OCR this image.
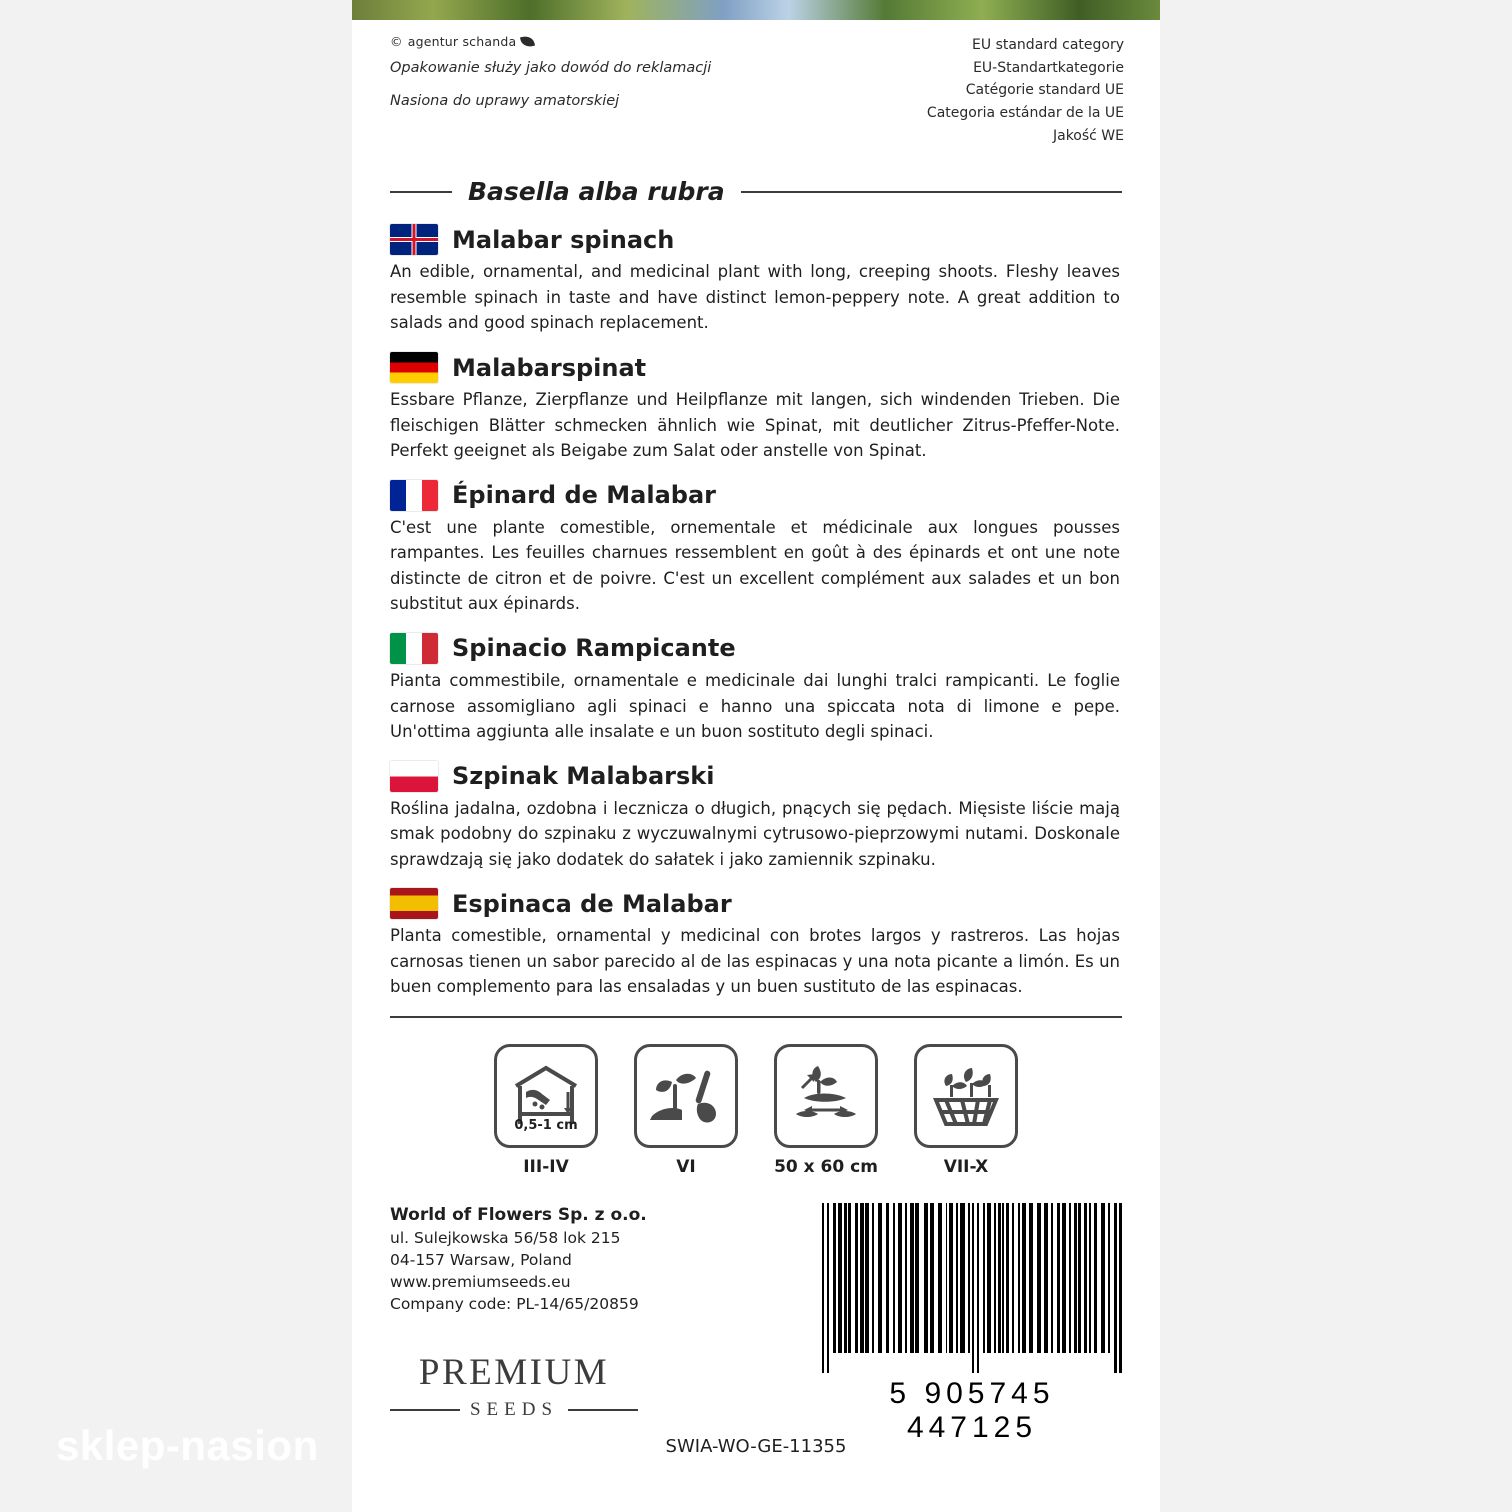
© agentur schanda

Opakowanie służy jako dowód do reklamacji

Nasiona do uprawy amatorskiej

EU standard category
EU-Standartkategorie
Catégorie standard UE
Categoria estándar de la UE
Jakość WE
Basella alba rubra
Malabar spinach
An edible, ornamental, and medicinal plant with long, creeping shoots. Fleshy leaves resemble spinach in taste and have distinct lemon-peppery note. A great addition to salads and good spinach replacement.
Malabarspinat
Essbare Pflanze, Zierpflanze und Heilpflanze mit langen, sich windenden Trieben. Die fleischigen Blätter schmecken ähnlich wie Spinat, mit deutlicher Zitrus-Pfeffer-Note. Perfekt geeignet als Beigabe zum Salat oder anstelle von Spinat.
Épinard de Malabar
C'est une plante comestible, ornementale et médicinale aux longues pousses rampantes. Les feuilles charnues ressemblent en goût à des épinards et ont une note distincte de citron et de poivre. C'est un excellent complément aux salades et un bon substitut aux épinards.
Spinacio Rampicante
Pianta commestibile, ornamentale e medicinale dai lunghi tralci rampicanti. Le foglie carnose assomigliano agli spinaci e hanno una spiccata nota di limone e pepe. Un'ottima aggiunta alle insalate e un buon sostituto degli spinaci.
Szpinak Malabarski
Roślina jadalna, ozdobna i lecznicza o długich, pnących się pędach. Mięsiste liście mają smak podobny do szpinaku z wyczuwalnymi cytrusowo-pieprzowymi nutami. Doskonale sprawdzają się jako dodatek do sałatek i jako zamiennik szpinaku.
Espinaca de Malabar
Planta comestible, ornamental y medicinal con brotes largos y rastreros. Las hojas carnosas tienen un sabor parecido al de las espinacas y una nota picante a limón. Es un buen complemento para las ensaladas y un buen sustituto de las espinacas.
0,5-1 cm
III-IV	VI	50 x 60 cm	VII-X
World of Flowers Sp. z o.o.
ul. Sulejkowska 56/58 lok 215
04-157 Warsaw, Poland
www.premiumseeds.eu
Company code: PL-14/65/20859
PREMIUM
SEEDS	5 905745 447125
SWIA-WO-GE-11355
sklep-nasion
